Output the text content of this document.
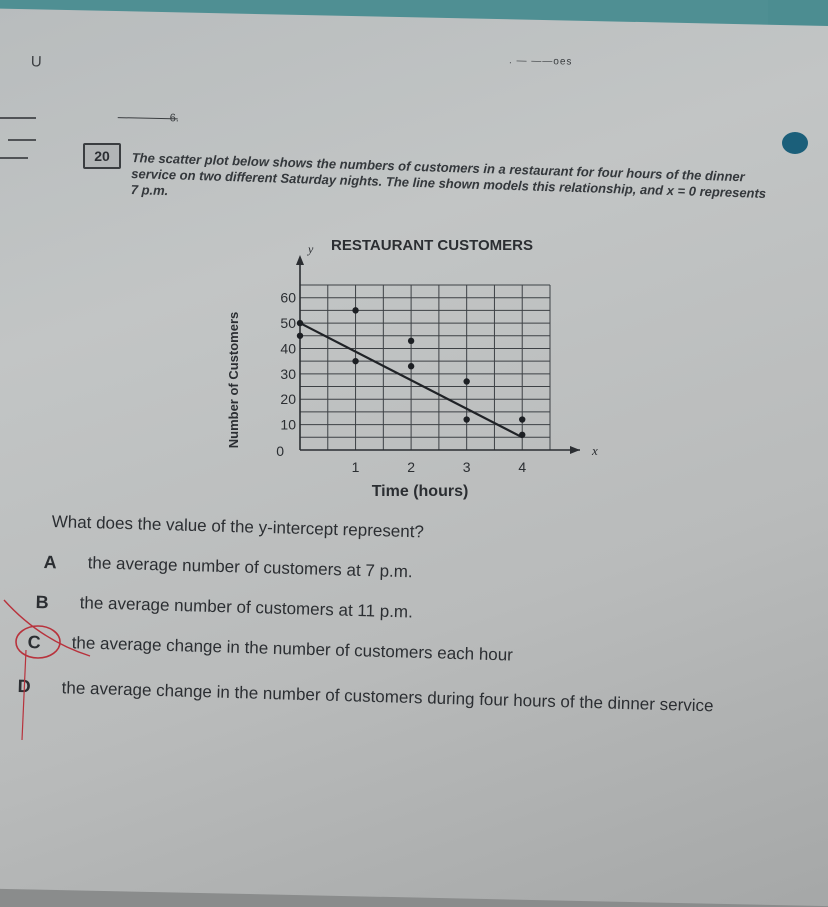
U	. — ——oes
6.
20	The scatter plot below shows the numbers of customers in a restaurant for four hours of the dinner service on two different Saturday nights. The line shown models this relationship, and x = 0 represents 7 p.m.
RESTAURANT CUSTOMERS
x
y
0
1	2	3	4
10
20
30
40
50
60
Number of Customers
Time (hours)
What does the value of the y-intercept represent?
A the average number of customers at 7 p.m.
B the average number of customers at 11 p.m.
C the average change in the number of customers each hour
D the average change in the number of customers during four hours of the dinner service
